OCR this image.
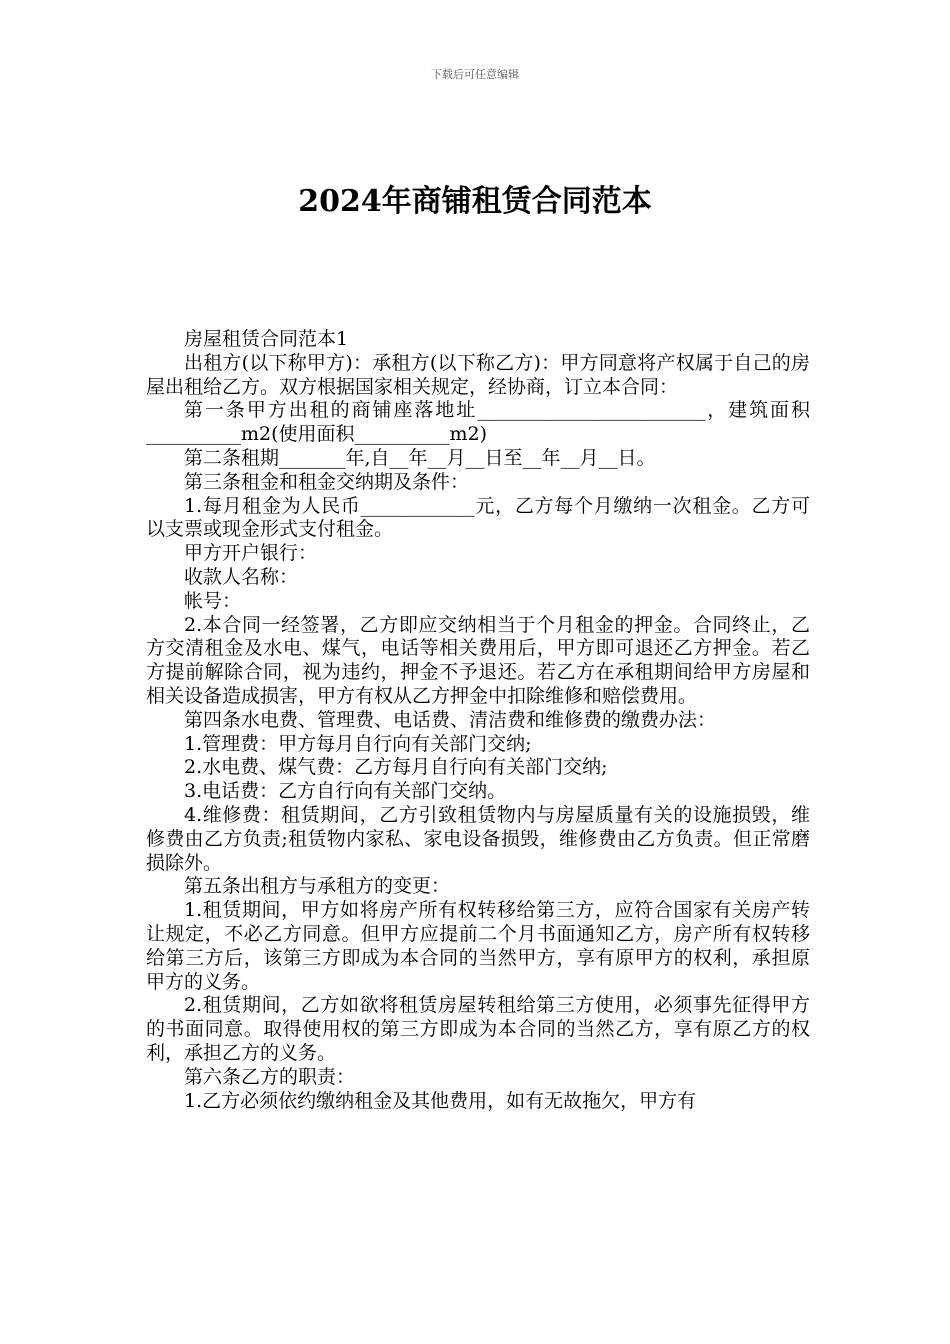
下载后可任意编辑
2024年商铺租赁合同范本

房屋租赁合同范本1

出租方(以下称甲方)：承租方(以下称乙方)：甲方同意将产权属于自己的房屋出租给乙方。双方根据国家相关规定，经协商，订立本合同：

第一条甲方出租的商铺座落地址________________________，建筑面积__________m2(使用面积__________m2)

第二条租期_______年,自__年__月__日至__年__月__日。

第三条租金和租金交纳期及条件：

1.每月租金为人民币____________元，乙方每个月缴纳一次租金。乙方可以支票或现金形式支付租金。

甲方开户银行：

收款人名称：

帐号：

2.本合同一经签署，乙方即应交纳相当于个月租金的押金。合同终止，乙方交清租金及水电、煤气，电话等相关费用后，甲方即可退还乙方押金。若乙方提前解除合同，视为违约，押金不予退还。若乙方在承租期间给甲方房屋和相关设备造成损害，甲方有权从乙方押金中扣除维修和赔偿费用。

第四条水电费、管理费、电话费、清洁费和维修费的缴费办法：

1.管理费：甲方每月自行向有关部门交纳;

2.水电费、煤气费：乙方每月自行向有关部门交纳;

3.电话费：乙方自行向有关部门交纳。

4.维修费：租赁期间，乙方引致租赁物内与房屋质量有关的设施损毁，维修费由乙方负责;租赁物内家私、家电设备损毁，维修费由乙方负责。但正常磨损除外。

第五条出租方与承租方的变更：

1.租赁期间，甲方如将房产所有权转移给第三方，应符合国家有关房产转让规定，不必乙方同意。但甲方应提前二个月书面通知乙方，房产所有权转移给第三方后，该第三方即成为本合同的当然甲方，享有原甲方的权利，承担原甲方的义务。

2.租赁期间，乙方如欲将租赁房屋转租给第三方使用，必须事先征得甲方的书面同意。取得使用权的第三方即成为本合同的当然乙方，享有原乙方的权利，承担乙方的义务。

第六条乙方的职责：

1.乙方必须依约缴纳租金及其他费用，如有无故拖欠，甲方有
